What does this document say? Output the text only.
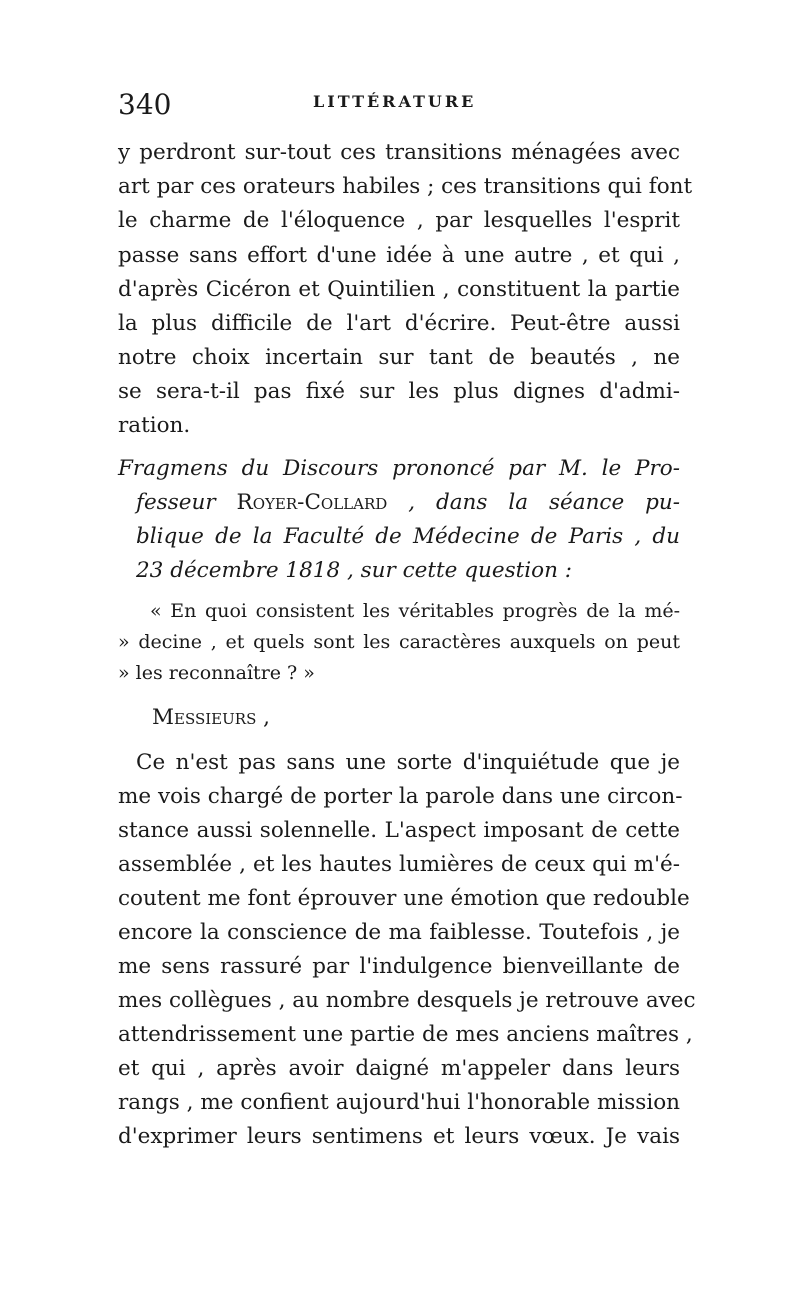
340	LITTÉRATURE
y perdront sur-tout ces transitions ménagées avec
art par ces orateurs habiles ; ces transitions qui font
le charme de l'éloquence , par lesquelles l'esprit
passe sans effort d'une idée à une autre , et qui ,
d'après Cicéron et Quintilien , constituent la partie
la plus difficile de l'art d'écrire. Peut-être aussi
notre choix incertain sur tant de beautés , ne
se sera-t-il pas fixé sur les plus dignes d'admi-
ration.
Fragmens du Discours prononcé par M. le Pro-
fesseur Royer-Collard , dans la séance pu-
blique de la Faculté de Médecine de Paris , du
23 décembre 1818 , sur cette question :
« En quoi consistent les véritables progrès de la mé-
» decine , et quels sont les caractères auxquels on peut
» les reconnaître ? »
Messieurs ,
Ce n'est pas sans une sorte d'inquiétude que je
me vois chargé de porter la parole dans une circon-
stance aussi solennelle. L'aspect imposant de cette
assemblée , et les hautes lumières de ceux qui m'é-
coutent me font éprouver une émotion que redouble
encore la conscience de ma faiblesse. Toutefois , je
me sens rassuré par l'indulgence bienveillante de
mes collègues , au nombre desquels je retrouve avec
attendrissement une partie de mes anciens maîtres ,
et qui , après avoir daigné m'appeler dans leurs
rangs , me confient aujourd'hui l'honorable mission
d'exprimer leurs sentimens et leurs vœux. Je vais
